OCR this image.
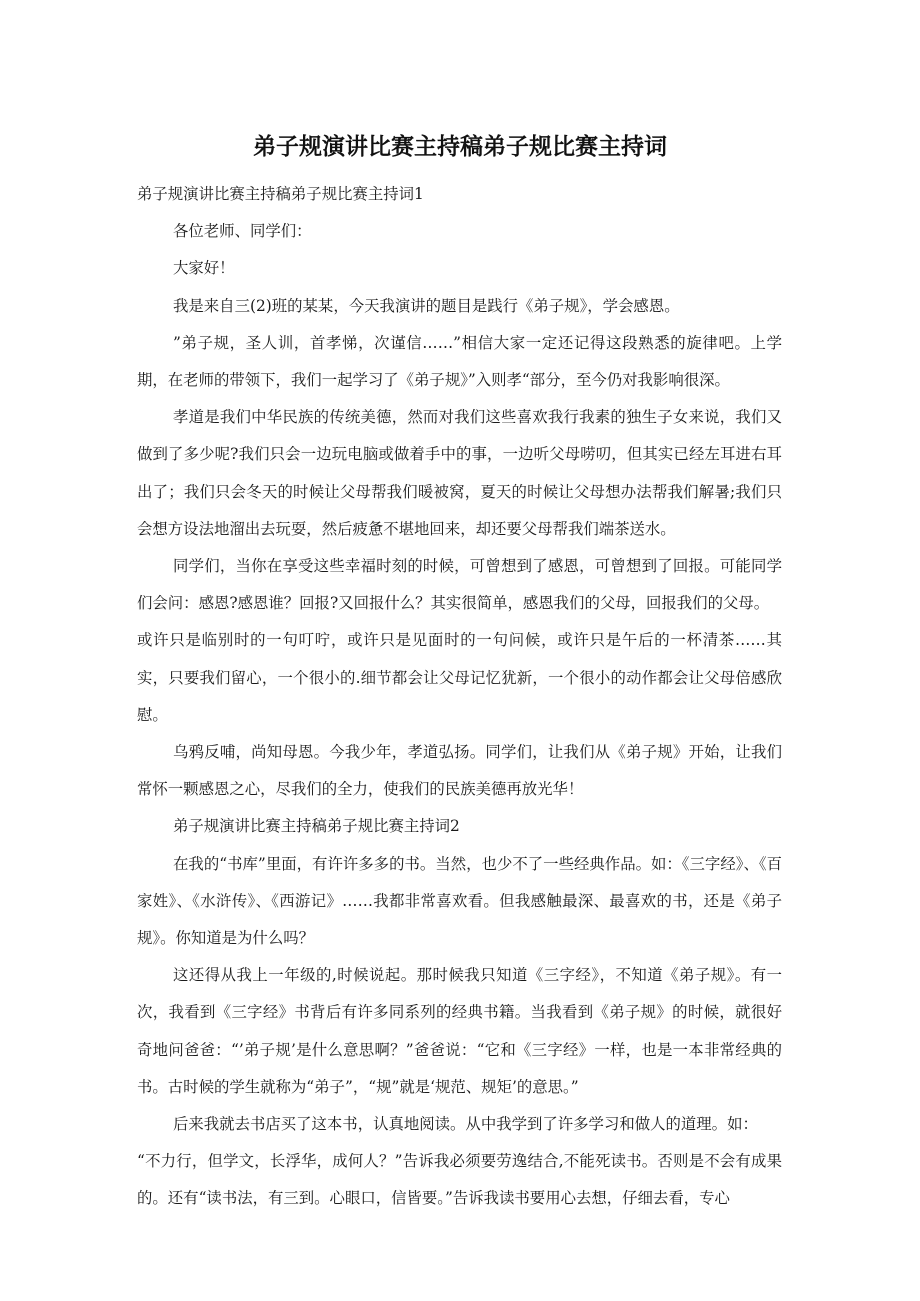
弟子规演讲比赛主持稿弟子规比赛主持词

弟子规演讲比赛主持稿弟子规比赛主持词1

各位老师、同学们：

大家好！

我是来自三(2)班的某某，今天我演讲的题目是践行《弟子规》，学会感恩。

”弟子规，圣人训，首孝悌，次谨信……”相信大家一定还记得这段熟悉的旋律吧。上学期，在老师的带领下，我们一起学习了《弟子规》”入则孝“部分，至今仍对我影响很深。

孝道是我们中华民族的传统美德，然而对我们这些喜欢我行我素的独生子女来说，我们又做到了多少呢?我们只会一边玩电脑或做着手中的事，一边听父母唠叨，但其实已经左耳进右耳出了；我们只会冬天的时候让父母帮我们暖被窝，夏天的时候让父母想办法帮我们解暑;我们只会想方设法地溜出去玩耍，然后疲惫不堪地回来，却还要父母帮我们端茶送水。

同学们，当你在享受这些幸福时刻的时候，可曾想到了感恩，可曾想到了回报。可能同学们会问：感恩?感恩谁？回报?又回报什么？其实很简单，感恩我们的父母，回报我们的父母。

或许只是临别时的一句叮咛，或许只是见面时的一句问候，或许只是午后的一杯清茶……其实，只要我们留心，一个很小的.细节都会让父母记忆犹新，一个很小的动作都会让父母倍感欣慰。

乌鸦反哺，尚知母恩。今我少年，孝道弘扬。同学们，让我们从《弟子规》开始，让我们常怀一颗感恩之心，尽我们的全力，使我们的民族美德再放光华！

弟子规演讲比赛主持稿弟子规比赛主持词2

在我的“书库”里面，有许许多多的书。当然，也少不了一些经典作品。如：《三字经》、《百家姓》、《水浒传》、《西游记》……我都非常喜欢看。但我感触最深、最喜欢的书，还是《弟子规》。你知道是为什么吗？

这还得从我上一年级的,时候说起。那时候我只知道《三字经》，不知道《弟子规》。有一次，我看到《三字经》书背后有许多同系列的经典书籍。当我看到《弟子规》的时候，就很好奇地问爸爸：“’弟子规’是什么意思啊？”爸爸说：“它和《三字经》一样，也是一本非常经典的书。古时候的学生就称为“弟子”，“规”就是‘规范、规矩’的意思。”

后来我就去书店买了这本书，认真地阅读。从中我学到了许多学习和做人的道理。如：

“不力行，但学文，长浮华，成何人？”告诉我必须要劳逸结合,不能死读书。否则是不会有成果的。还有“读书法，有三到。心眼口，信皆要。”告诉我读书要用心去想，仔细去看，专心
